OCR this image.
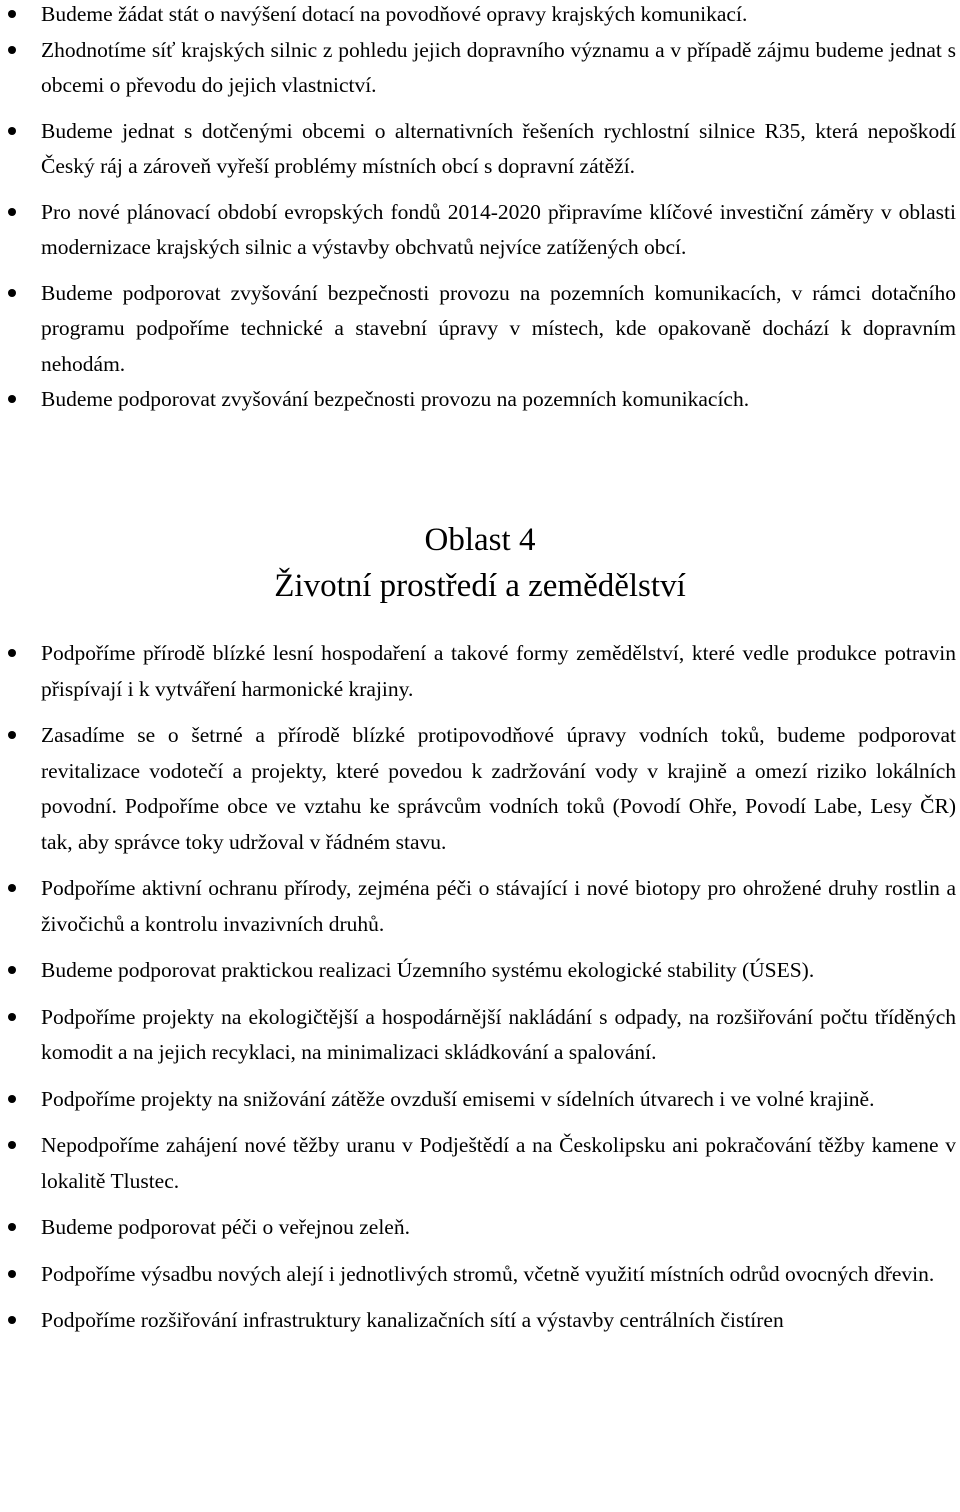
Budeme žádat stát o navýšení dotací na povodňové opravy krajských komunikací.
Zhodnotíme síť krajských silnic z pohledu jejich dopravního významu a v případě zájmu budeme jednat s obcemi o převodu do jejich vlastnictví.
Budeme jednat s dotčenými obcemi o alternativních řešeních rychlostní silnice R35, která nepoškodí Český ráj a zároveň vyřeší problémy místních obcí s dopravní zátěží.
Pro nové plánovací období evropských fondů 2014-2020 připravíme klíčové investiční záměry v oblasti modernizace krajských silnic a výstavby obchvatů nejvíce zatížených obcí.
Budeme podporovat zvyšování bezpečnosti provozu na pozemních komunikacích, v rámci dotačního programu podpoříme technické a stavební úpravy v místech, kde opakovaně dochází k dopravním nehodám.
Budeme podporovat zvyšování bezpečnosti provozu na pozemních komunikacích.
Oblast 4
Životní prostředí a zemědělství
Podpoříme přírodě blízké lesní hospodaření a takové formy zemědělství, které vedle produkce potravin přispívají i k vytváření harmonické krajiny.
Zasadíme se o šetrné a přírodě blízké protipovodňové úpravy vodních toků, budeme podporovat revitalizace vodotečí a projekty, které povedou k zadržování vody v krajině a omezí riziko lokálních povodní. Podpoříme obce ve vztahu ke správcům vodních toků (Povodí Ohře, Povodí Labe, Lesy ČR) tak, aby správce toky udržoval v řádném stavu.
Podpoříme aktivní ochranu přírody, zejména péči o stávající i nové biotopy pro ohrožené druhy rostlin a živočichů a kontrolu invazivních druhů.
Budeme podporovat praktickou realizaci Územního systému ekologické stability (ÚSES).
Podpoříme projekty na ekologičtější a hospodárnější nakládání s odpady, na rozšiřování počtu tříděných komodit a na jejich recyklaci, na minimalizaci skládkování a spalování.
Podpoříme projekty na snižování zátěže ovzduší emisemi v sídelních útvarech i ve volné krajině.
Nepodpoříme zahájení nové těžby uranu v Podještědí a na Českolipsku ani pokračování těžby kamene v lokalitě Tlustec.
Budeme podporovat péči o veřejnou zeleň.
Podpoříme výsadbu nových alejí i jednotlivých stromů, včetně využití místních odrůd ovocných dřevin.
Podpoříme rozšiřování infrastruktury kanalizačních sítí a výstavby centrálních čistíren
